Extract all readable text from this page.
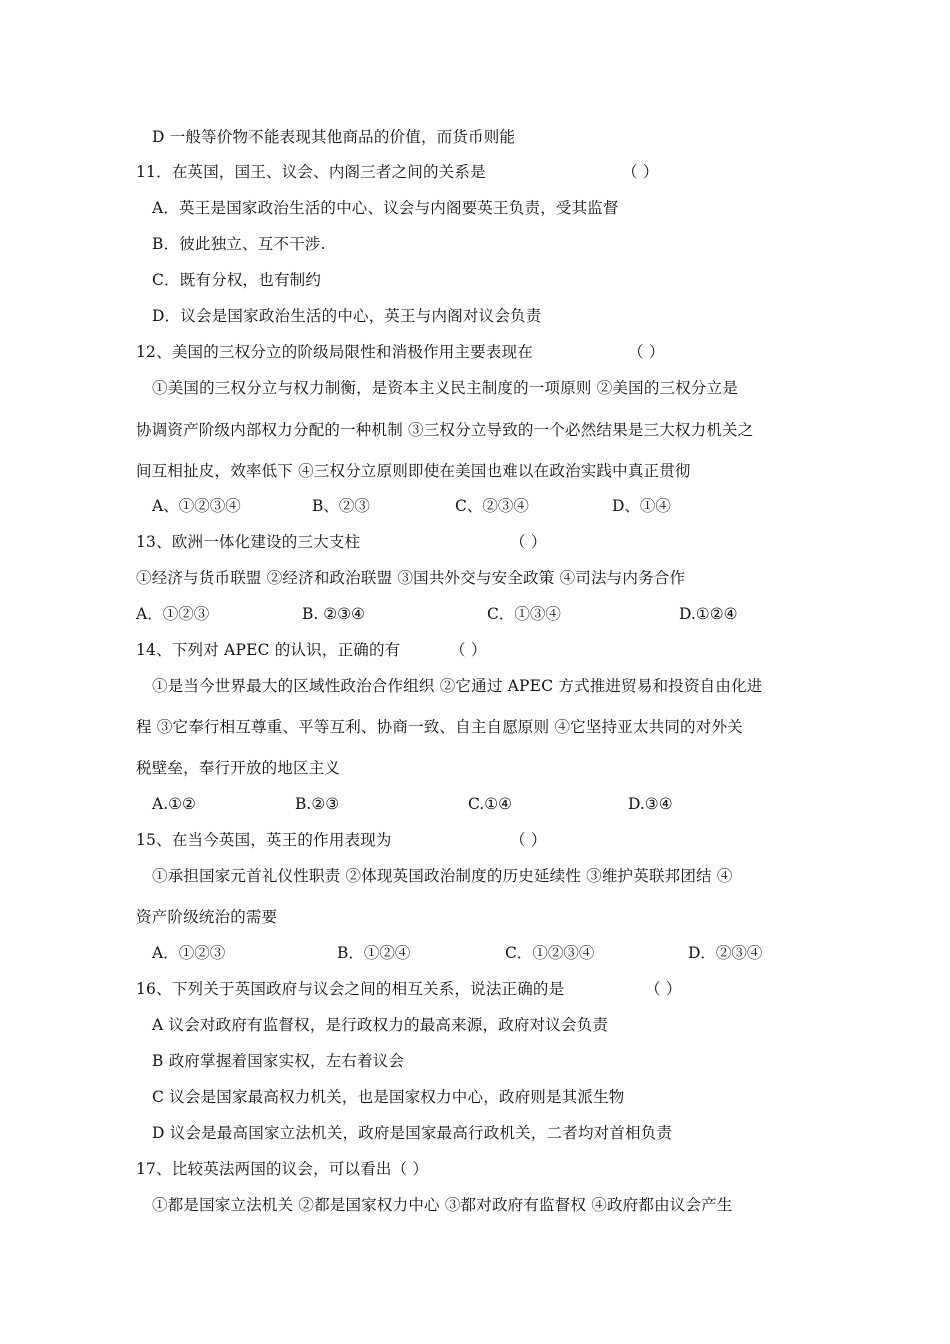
D 一般等价物不能表现其他商品的价值，而货币则能
11．在英国，国王、议会、内阁三者之间的关系是	（ ）
A．英王是国家政治生活的中心、议会与内阁要英王负责，受其监督
B．彼此独立、互不干涉.
C．既有分权，也有制约
D．议会是国家政治生活的中心，英王与内阁对议会负责
12、美国的三权分立的阶级局限性和消极作用主要表现在	（ ）
①美国的三权分立与权力制衡，是资本主义民主制度的一项原则 ②美国的三权分立是
协调资产阶级内部权力分配的一种机制 ③三权分立导致的一个必然结果是三大权力机关之
间互相扯皮，效率低下 ④三权分立原则即使在美国也难以在政治实践中真正贯彻
A、①②③④	B、②③	C、②③④	D、①④
13、欧洲一体化建设的三大支柱	（ ）
①经济与货币联盟 ②经济和政治联盟 ③国共外交与安全政策 ④司法与内务合作
A．①②③	B. ②③④	C．①③④	D.①②④
14、下列对 APEC 的认识，正确的有	（ ）
①是当今世界最大的区域性政治合作组织 ②它通过 APEC 方式推进贸易和投资自由化进
程 ③它奉行相互尊重、平等互利、协商一致、自主自愿原则 ④它坚持亚太共同的对外关
税壁垒，奉行开放的地区主义
A.①②	B.②③	C.①④	D.③④
15、在当今英国，英王的作用表现为	（ ）
①承担国家元首礼仪性职责 ②体现英国政治制度的历史延续性 ③维护英联邦团结 ④
资产阶级统治的需要
A．①②③	B．①②④	C．①②③④	D．②③④
16、下列关于英国政府与议会之间的相互关系，说法正确的是	（ ）
A 议会对政府有监督权，是行政权力的最高来源，政府对议会负责
B 政府掌握着国家实权，左右着议会
C 议会是国家最高权力机关，也是国家权力中心，政府则是其派生物
D 议会是最高国家立法机关，政府是国家最高行政机关，二者均对首相负责
17、比较英法两国的议会，可以看出（ ）
①都是国家立法机关 ②都是国家权力中心 ③都对政府有监督权 ④政府都由议会产生
